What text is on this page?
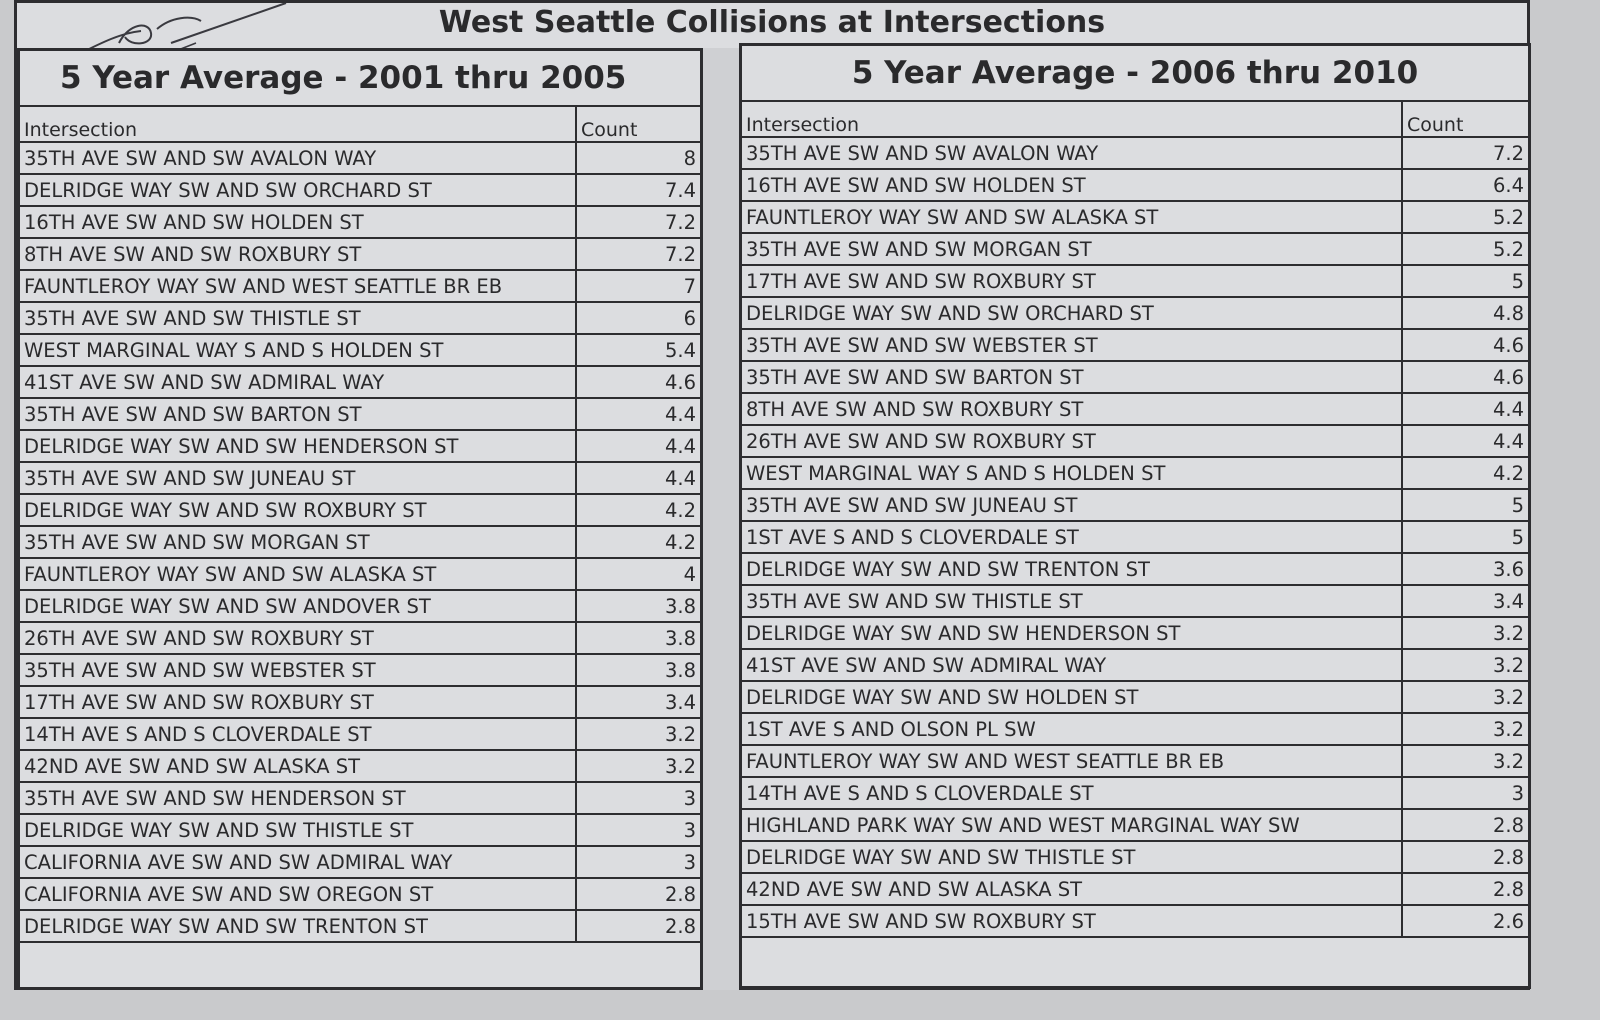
West Seattle Collisions at Intersections
5 Year Average - 2001 thru 2005
Intersection	Count
35TH AVE SW AND SW AVALON WAY	8
DELRIDGE WAY SW AND SW ORCHARD ST	7.4
16TH AVE SW AND SW HOLDEN ST	7.2
8TH AVE SW AND SW ROXBURY ST	7.2
FAUNTLEROY WAY SW AND WEST SEATTLE BR EB	7
35TH AVE SW AND SW THISTLE ST	6
WEST MARGINAL WAY S AND S HOLDEN ST	5.4
41ST AVE SW AND SW ADMIRAL WAY	4.6
35TH AVE SW AND SW BARTON ST	4.4
DELRIDGE WAY SW AND SW HENDERSON ST	4.4
35TH AVE SW AND SW JUNEAU ST	4.4
DELRIDGE WAY SW AND SW ROXBURY ST	4.2
35TH AVE SW AND SW MORGAN ST	4.2
FAUNTLEROY WAY SW AND SW ALASKA ST	4
DELRIDGE WAY SW AND SW ANDOVER ST	3.8
26TH AVE SW AND SW ROXBURY ST	3.8
35TH AVE SW AND SW WEBSTER ST	3.8
17TH AVE SW AND SW ROXBURY ST	3.4
14TH AVE S AND S CLOVERDALE ST	3.2
42ND AVE SW AND SW ALASKA ST	3.2
35TH AVE SW AND SW HENDERSON ST	3
DELRIDGE WAY SW AND SW THISTLE ST	3
CALIFORNIA AVE SW AND SW ADMIRAL WAY	3
CALIFORNIA AVE SW AND SW OREGON ST	2.8
DELRIDGE WAY SW AND SW TRENTON ST	2.8
5 Year Average - 2006 thru 2010
Intersection	Count
35TH AVE SW AND SW AVALON WAY	7.2
16TH AVE SW AND SW HOLDEN ST	6.4
FAUNTLEROY WAY SW AND SW ALASKA ST	5.2
35TH AVE SW AND SW MORGAN ST	5.2
17TH AVE SW AND SW ROXBURY ST	5
DELRIDGE WAY SW AND SW ORCHARD ST	4.8
35TH AVE SW AND SW WEBSTER ST	4.6
35TH AVE SW AND SW BARTON ST	4.6
8TH AVE SW AND SW ROXBURY ST	4.4
26TH AVE SW AND SW ROXBURY ST	4.4
WEST MARGINAL WAY S AND S HOLDEN ST	4.2
35TH AVE SW AND SW JUNEAU ST	5
1ST AVE S AND S CLOVERDALE ST	5
DELRIDGE WAY SW AND SW TRENTON ST	3.6
35TH AVE SW AND SW THISTLE ST	3.4
DELRIDGE WAY SW AND SW HENDERSON ST	3.2
41ST AVE SW AND SW ADMIRAL WAY	3.2
DELRIDGE WAY SW AND SW HOLDEN ST	3.2
1ST AVE S AND OLSON PL SW	3.2
FAUNTLEROY WAY SW AND WEST SEATTLE BR EB	3.2
14TH AVE S AND S CLOVERDALE ST	3
HIGHLAND PARK WAY SW AND WEST MARGINAL WAY SW	2.8
DELRIDGE WAY SW AND SW THISTLE ST	2.8
42ND AVE SW AND SW ALASKA ST	2.8
15TH AVE SW AND SW ROXBURY ST	2.6
